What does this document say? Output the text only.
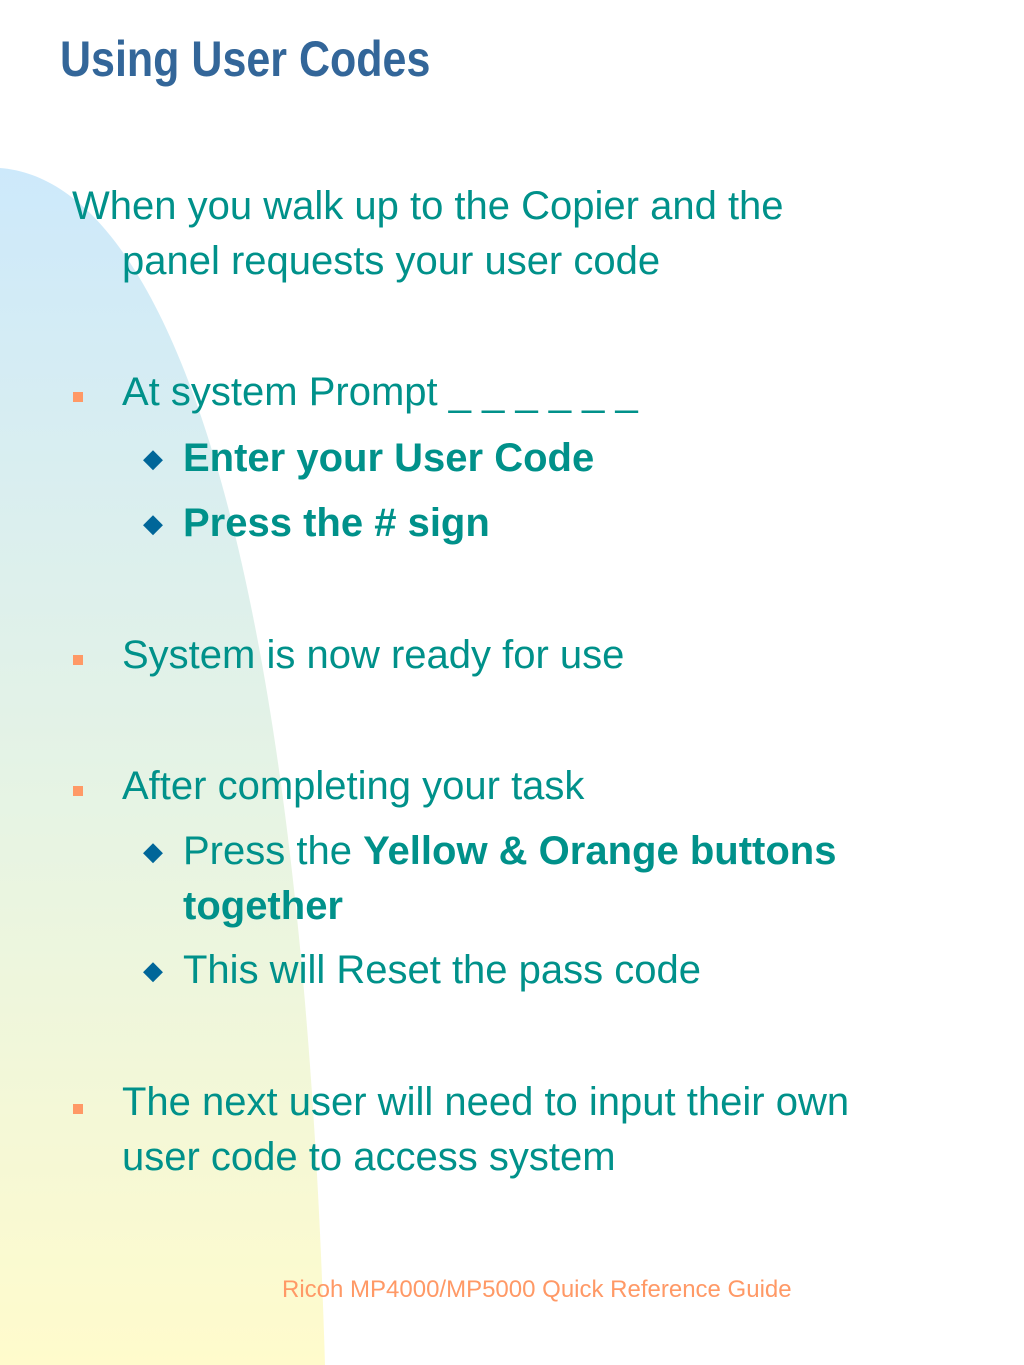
Using User Codes
When you walk up to the Copier and the
panel requests your user code
At system Prompt _ _ _ _ _ _
◆ Enter your User Code
◆ Press the # sign
System is now ready for use
After completing your task
◆ Press the Yellow & Orange buttons
together
◆ This will Reset the pass code
The next user will need to input their own
user code to access system
Ricoh MP4000/MP5000 Quick Reference Guide
